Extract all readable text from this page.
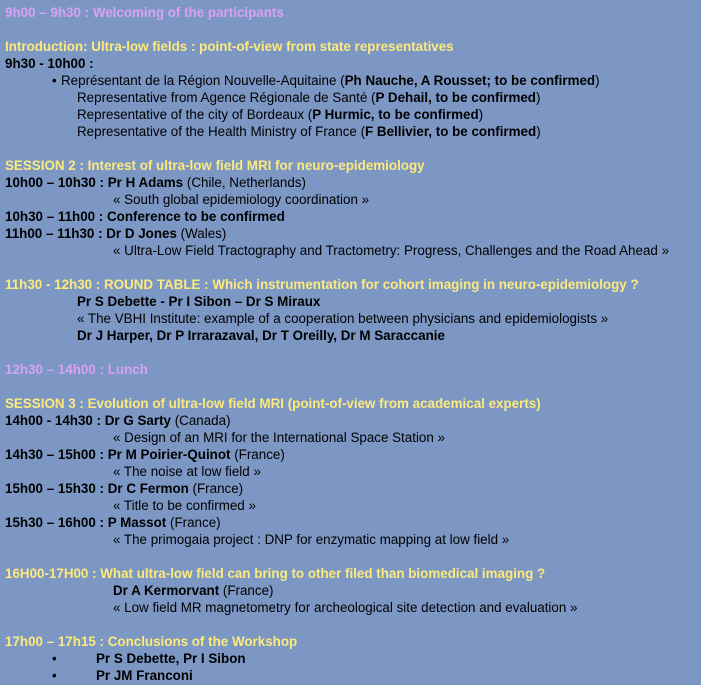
9h00 – 9h30 : Welcoming of the participants
Introduction: Ultra-low fields : point-of-view from state representatives
9h30 - 10h00 :
• Représentant de la Région Nouvelle-Aquitaine (Ph Nauche, A Rousset; to be confirmed)
Representative from Agence Régionale de Santé (P Dehail, to be confirmed)
Representative of the city of Bordeaux (P Hurmic, to be confirmed)
Representative of the Health Ministry of France (F Bellivier, to be confirmed)
SESSION 2 : Interest of ultra-low field MRI for neuro-epidemiology
10h00 – 10h30 : Pr H Adams (Chile, Netherlands)
« South global epidemiology coordination »
10h30 – 11h00 : Conference to be confirmed
11h00 – 11h30 : Dr D Jones (Wales)
« Ultra-Low Field Tractography and Tractometry: Progress, Challenges and the Road Ahead »
11h30 - 12h30 : ROUND TABLE : Which instrumentation for cohort imaging in neuro-epidemiology ?
Pr S Debette - Pr I Sibon – Dr S Miraux
« The VBHI Institute: example of a cooperation between physicians and epidemiologists »
Dr J Harper, Dr P Irrarazaval, Dr T Oreilly, Dr M Saraccanie
12h30 – 14h00 : Lunch
SESSION 3 : Evolution of ultra-low field MRI (point-of-view from academical experts)
14h00 - 14h30 : Dr G Sarty (Canada)
« Design of an MRI for the International Space Station »
14h30 – 15h00 : Pr M Poirier-Quinot (France)
« The noise at low field »
15h00 – 15h30 : Dr C Fermon (France)
« Title to be confirmed »
15h30 – 16h00 : P Massot (France)
« The primogaia project : DNP for enzymatic mapping at low field »
16H00-17H00 : What ultra-low field can bring to other filed than biomedical imaging ?
Dr A Kermorvant (France)
« Low field MR magnetometry for archeological site detection and evaluation »
17h00 – 17h15 : Conclusions of the Workshop
•	Pr S Debette, Pr I Sibon
•	Pr JM Franconi
